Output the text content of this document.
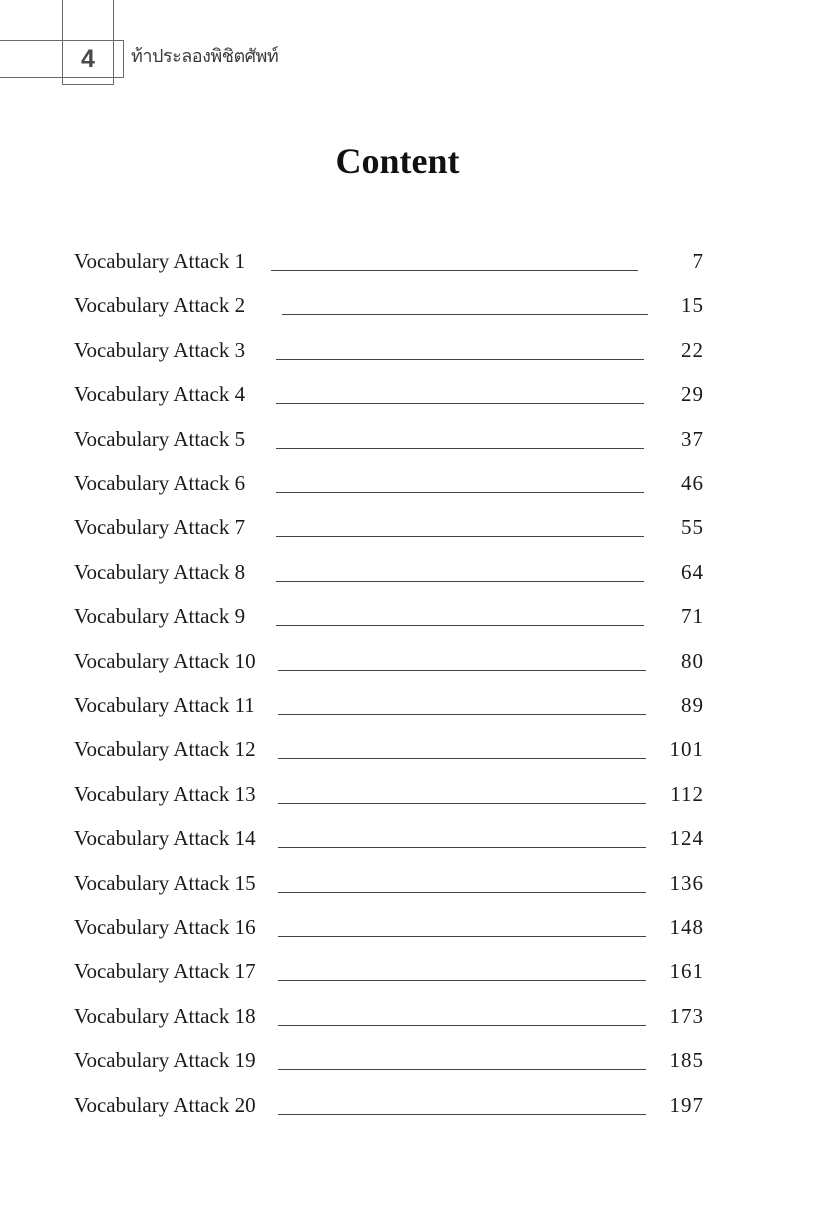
4	ท้าประลองพิชิตศัพท์
Content
Vocabulary Attack 1	7
Vocabulary Attack 2	15
Vocabulary Attack 3	22
Vocabulary Attack 4	29
Vocabulary Attack 5	37
Vocabulary Attack 6	46
Vocabulary Attack 7	55
Vocabulary Attack 8	64
Vocabulary Attack 9	71
Vocabulary Attack 10	80
Vocabulary Attack 11	89
Vocabulary Attack 12	101
Vocabulary Attack 13	112
Vocabulary Attack 14	124
Vocabulary Attack 15	136
Vocabulary Attack 16	148
Vocabulary Attack 17	161
Vocabulary Attack 18	173
Vocabulary Attack 19	185
Vocabulary Attack 20	197
